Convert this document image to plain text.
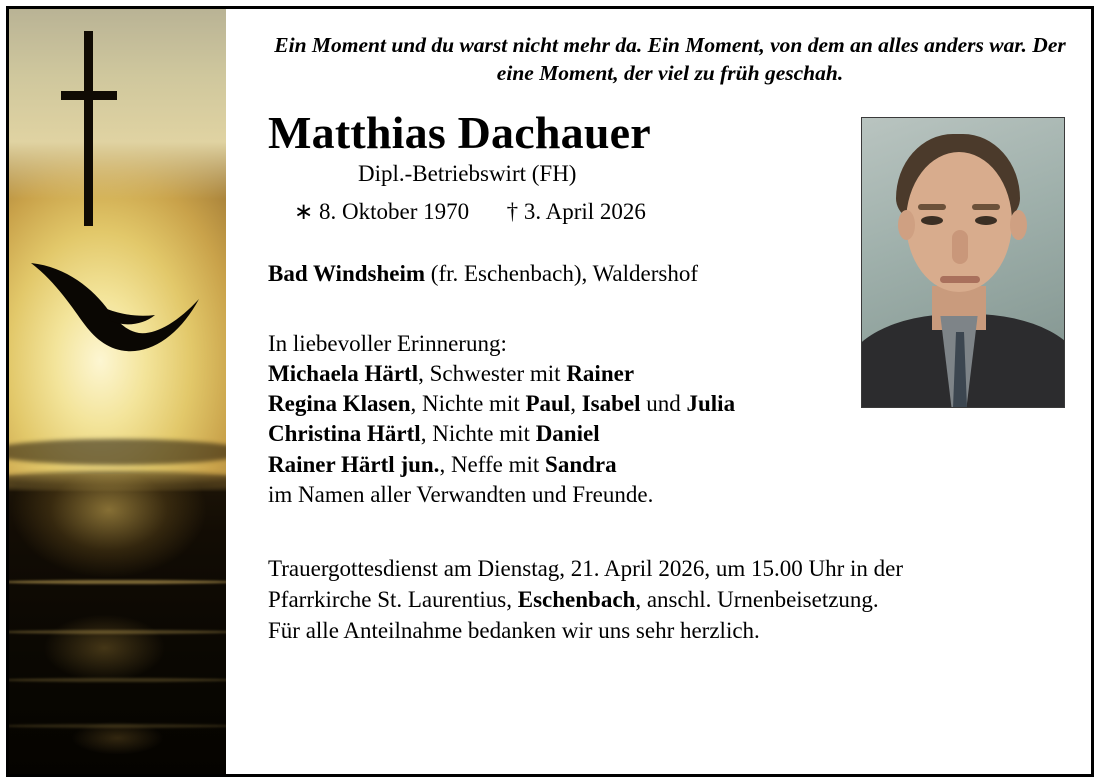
Ein Moment und du warst nicht mehr da. Ein Moment, von dem an alles anders war. Der eine Moment, der viel zu früh geschah.
Matthias Dachauer
Dipl.-Betriebswirt (FH)
∗ 8. Oktober 1970 † 3. April 2026
Bad Windsheim (fr. Eschenbach), Waldershof
In liebevoller Erinnerung:
Michaela Härtl, Schwester mit Rainer
Regina Klasen, Nichte mit Paul, Isabel und Julia
Christina Härtl, Nichte mit Daniel
Rainer Härtl jun., Neffe mit Sandra
im Namen aller Verwandten und Freunde.
Trauergottesdienst am Dienstag, 21. April 2026, um 15.00 Uhr in der
Pfarrkirche St. Laurentius, Eschenbach, anschl. Urnenbeisetzung.
Für alle Anteilnahme bedanken wir uns sehr herzlich.
